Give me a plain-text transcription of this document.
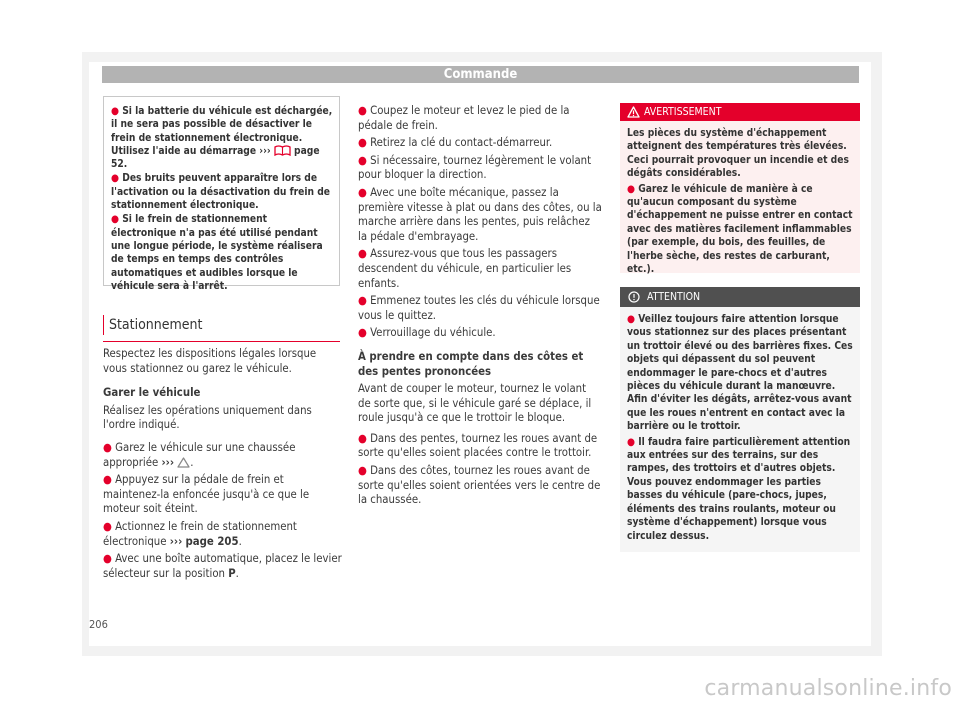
Commande

● Si la batterie du véhicule est déchargée, il ne sera pas possible de désactiver le frein de stationnement électronique. Utilisez l'aide au démarrage ›››  page 52.

● Des bruits peuvent apparaître lors de l'activation ou la désactivation du frein de stationnement électronique.

● Si le frein de stationnement électronique n'a pas été utilisé pendant une longue période, le système réalisera de temps en temps des contrôles automatiques et audibles lorsque le véhicule sera à l'arrêt.

Stationnement

Respectez les dispositions légales lorsque vous stationnez ou garez le véhicule.

Garer le véhicule

Réalisez les opérations uniquement dans l'ordre indiqué.

● Garez le véhicule sur une chaussée appropriée ››› .

● Appuyez sur la pédale de frein et maintenez-la enfoncée jusqu'à ce que le moteur soit éteint.

● Actionnez le frein de stationnement électronique ››› page 205.

● Avec une boîte automatique, placez le levier sélecteur sur la position P.

● Coupez le moteur et levez le pied de la pédale de frein.

● Retirez la clé du contact-démarreur.

● Si nécessaire, tournez légèrement le volant pour bloquer la direction.

● Avec une boîte mécanique, passez la première vitesse à plat ou dans des côtes, ou la marche arrière dans les pentes, puis relâchez la pédale d'embrayage.

● Assurez-vous que tous les passagers descendent du véhicule, en particulier les enfants.

● Emmenez toutes les clés du véhicule lorsque vous le quittez.

● Verrouillage du véhicule.

À prendre en compte dans des côtes et des pentes prononcées

Avant de couper le moteur, tournez le volant de sorte que, si le véhicule garé se déplace, il roule jusqu'à ce que le trottoir le bloque.

● Dans des pentes, tournez les roues avant de sorte qu'elles soient placées contre le trottoir.

● Dans des côtes, tournez les roues avant de sorte qu'elles soient orientées vers le centre de la chaussée.

AVERTISSEMENT

Les pièces du système d'échappement atteignent des températures très élevées. Ceci pourrait provoquer un incendie et des dégâts considérables.

● Garez le véhicule de manière à ce qu'aucun composant du système d'échappement ne puisse entrer en contact avec des matières facilement inflammables (par exemple, du bois, des feuilles, de l'herbe sèche, des restes de carburant, etc.).

ATTENTION

● Veillez toujours faire attention lorsque vous stationnez sur des places présentant un trottoir élevé ou des barrières fixes. Ces objets qui dépassent du sol peuvent endommager le pare-chocs et d'autres pièces du véhicule durant la manœuvre. Afin d'éviter les dégâts, arrêtez-vous avant que les roues n'entrent en contact avec la barrière ou le trottoir.

● Il faudra faire particulièrement attention aux entrées sur des terrains, sur des rampes, des trottoirs et d'autres objets. Vous pouvez endommager les parties basses du véhicule (pare-chocs, jupes, éléments des trains roulants, moteur ou système d'échappement) lorsque vous circulez dessus.

206
carmanualsonline.info
